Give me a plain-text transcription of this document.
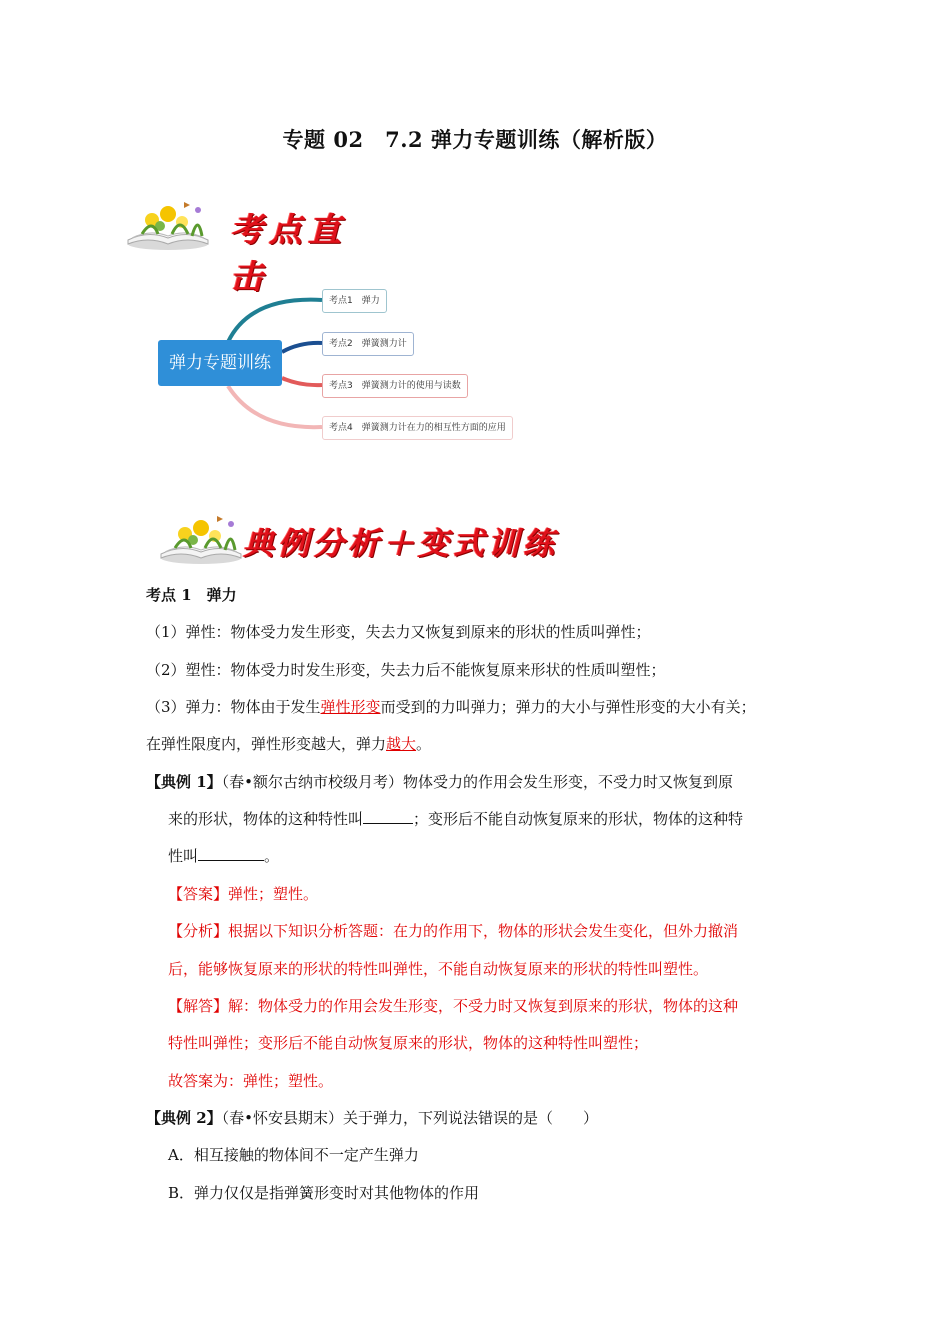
专题 02　7.2 弹力专题训练（解析版）
考点直击
弹力专题训练
考点1　弹力
考点2　弹簧测力计
考点3　弹簧测力计的使用与读数
考点4　弹簧测力计在力的相互性方面的应用
典例分析＋变式训练
考点 1　弹力
（1）弹性：物体受力发生形变，失去力又恢复到原来的形状的性质叫弹性；
（2）塑性：物体受力时发生形变，失去力后不能恢复原来形状的性质叫塑性；
（3）弹力：物体由于发生弹性形变而受到的力叫弹力；弹力的大小与弹性形变的大小有关；
在弹性限度内，弹性形变越大，弹力越大。
【典例 1】（春•额尔古纳市校级月考）物体受力的作用会发生形变，不受力时又恢复到原
来的形状，物体的这种特性叫	；变形后不能自动恢复原来的形状，物体的这种特
性叫	。
【答案】弹性；塑性。
【分析】根据以下知识分析答题：在力的作用下，物体的形状会发生变化，但外力撤消
后，能够恢复原来的形状的特性叫弹性，不能自动恢复原来的形状的特性叫塑性。
【解答】解：物体受力的作用会发生形变，不受力时又恢复到原来的形状，物体的这种
特性叫弹性；变形后不能自动恢复原来的形状，物体的这种特性叫塑性；
故答案为：弹性；塑性。
【典例 2】（春•怀安县期末）关于弹力，下列说法错误的是（　　）
A．相互接触的物体间不一定产生弹力
B．弹力仅仅是指弹簧形变时对其他物体的作用
